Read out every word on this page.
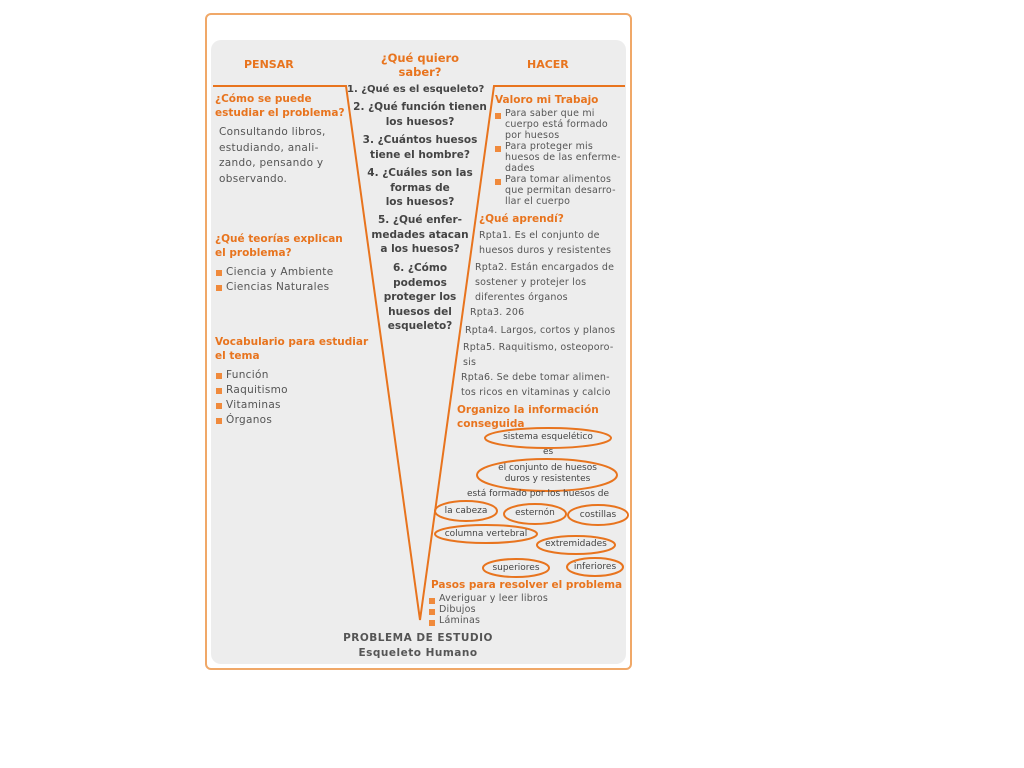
PENSAR	¿Qué quiero
saber?
HACER
¿Cómo se puede
estudiar el problema?
Consultando libros,
estudiando, anali-
zando, pensando y
observando.
¿Qué teorías explican
el problema?
Ciencia y Ambiente
Ciencias Naturales
Vocabulario para estudiar
el tema
Función
Raquitismo
Vitaminas
Órganos
1. ¿Qué es el esqueleto?
2. ¿Qué función tienen
los huesos?
3. ¿Cuántos huesos
tiene el hombre?
4. ¿Cuáles son las
formas de
los huesos?
5. ¿Qué enfer-
medades atacan
a los huesos?
6. ¿Cómo
podemos
proteger los
huesos del
esqueleto?
Valoro mi Trabajo
Para saber que mi
cuerpo está formado
por huesos
Para proteger mis
huesos de las enferme-
dades
Para tomar alimentos
que permitan desarro-
llar el cuerpo
¿Qué aprendí?
Rpta1. Es el conjunto de
huesos duros y resistentes
Rpta2. Están encargados de
sostener y protejer los
diferentes órganos
Rpta3. 206
Rpta4. Largos, cortos y planos
Rpta5. Raquitismo, osteoporo-
sis
Rpta6. Se debe tomar alimen-
tos ricos en vitaminas y calcio
Organizo la información
conseguida
sistema esquelético
es
el conjunto de huesos
duros y resistentes
está formado por los huesos de
la cabeza	esternón	costillas
columna vertebral
extremidades
superiores	inferiores
Pasos para resolver el problema
Averiguar y leer libros
Dibujos
Láminas
PROBLEMA DE ESTUDIO
Esqueleto Humano
